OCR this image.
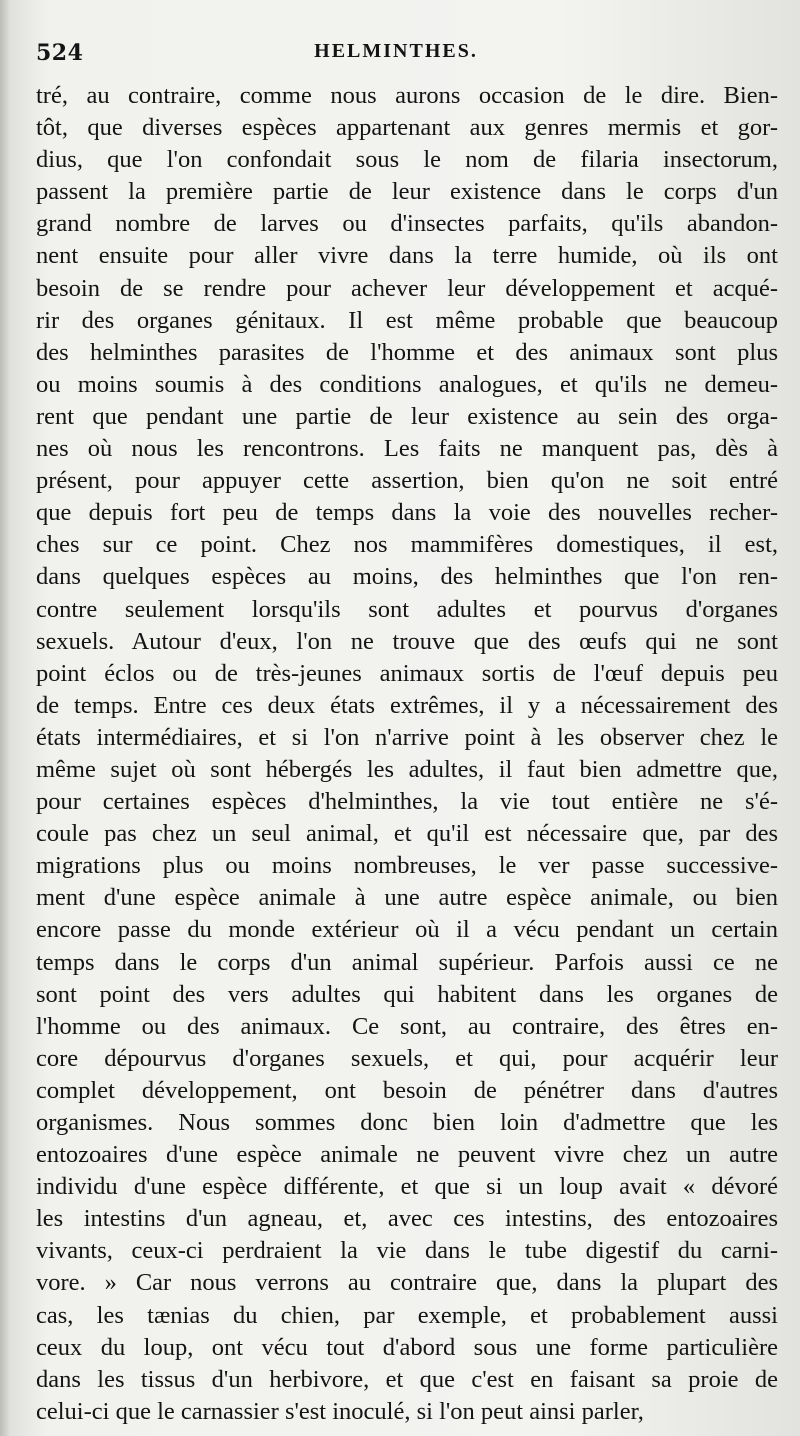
524	HELMINTHES.

tré, au contraire, comme nous aurons occasion de le dire. Bien-
tôt, que diverses espèces appartenant aux genres mermis et gor-
dius, que l'on confondait sous le nom de filaria insectorum,
passent la première partie de leur existence dans le corps d'un
grand nombre de larves ou d'insectes parfaits, qu'ils abandon-
nent ensuite pour aller vivre dans la terre humide, où ils ont
besoin de se rendre pour achever leur développement et acqué-
rir des organes génitaux. Il est même probable que beaucoup
des helminthes parasites de l'homme et des animaux sont plus
ou moins soumis à des conditions analogues, et qu'ils ne demeu-
rent que pendant une partie de leur existence au sein des orga-
nes où nous les rencontrons. Les faits ne manquent pas, dès à
présent, pour appuyer cette assertion, bien qu'on ne soit entré
que depuis fort peu de temps dans la voie des nouvelles recher-
ches sur ce point. Chez nos mammifères domestiques, il est,
dans quelques espèces au moins, des helminthes que l'on ren-
contre seulement lorsqu'ils sont adultes et pourvus d'organes
sexuels. Autour d'eux, l'on ne trouve que des œufs qui ne sont
point éclos ou de très-jeunes animaux sortis de l'œuf depuis peu
de temps. Entre ces deux états extrêmes, il y a nécessairement des
états intermédiaires, et si l'on n'arrive point à les observer chez le
même sujet où sont hébergés les adultes, il faut bien admettre que,
pour certaines espèces d'helminthes, la vie tout entière ne s'é-
coule pas chez un seul animal, et qu'il est nécessaire que, par des
migrations plus ou moins nombreuses, le ver passe successive-
ment d'une espèce animale à une autre espèce animale, ou bien
encore passe du monde extérieur où il a vécu pendant un certain
temps dans le corps d'un animal supérieur. Parfois aussi ce ne
sont point des vers adultes qui habitent dans les organes de
l'homme ou des animaux. Ce sont, au contraire, des êtres en-
core dépourvus d'organes sexuels, et qui, pour acquérir leur
complet développement, ont besoin de pénétrer dans d'autres
organismes. Nous sommes donc bien loin d'admettre que les
entozoaires d'une espèce animale ne peuvent vivre chez un autre
individu d'une espèce différente, et que si un loup avait « dévoré
les intestins d'un agneau, et, avec ces intestins, des entozoaires
vivants, ceux-ci perdraient la vie dans le tube digestif du carni-
vore. » Car nous verrons au contraire que, dans la plupart des
cas, les tænias du chien, par exemple, et probablement aussi
ceux du loup, ont vécu tout d'abord sous une forme particulière
dans les tissus d'un herbivore, et que c'est en faisant sa proie de
celui-ci que le carnassier s'est inoculé, si l'on peut ainsi parler,
